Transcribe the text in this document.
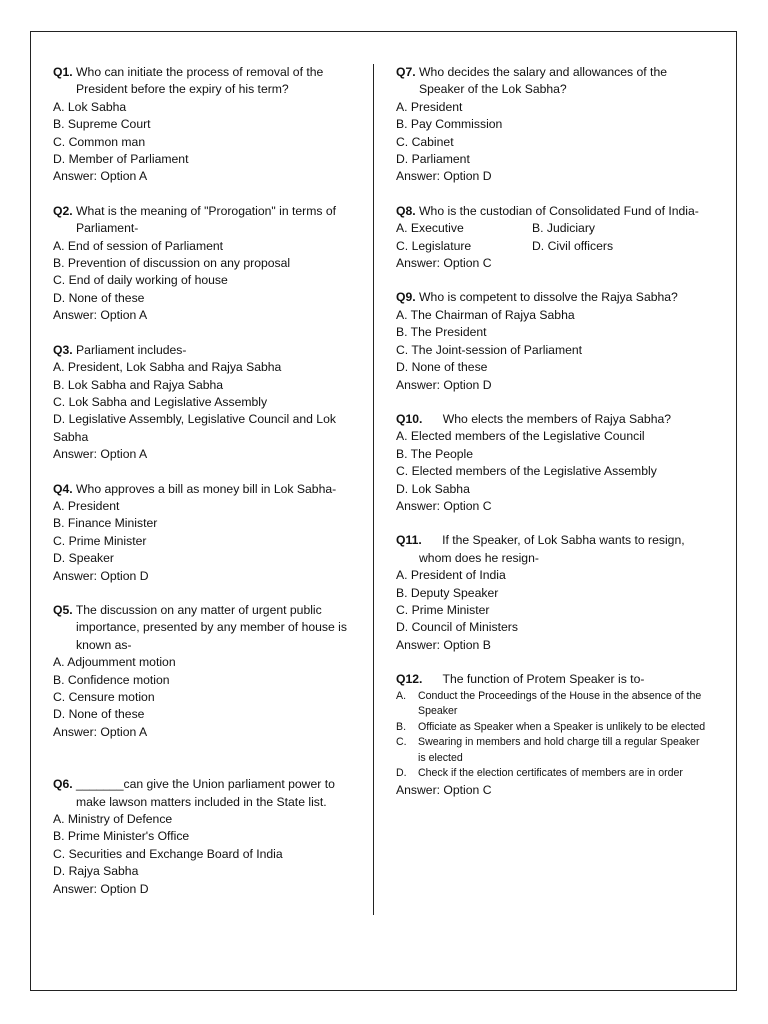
Q1. Who can initiate the process of removal of the President before the expiry of his term?
A. Lok Sabha
B. Supreme Court
C. Common man
D. Member of Parliament
Answer: Option A
Q2. What is the meaning of "Prorogation" in terms of Parliament-
A. End of session of Parliament
B. Prevention of discussion on any proposal
C. End of daily working of house
D. None of these
Answer: Option A
Q3. Parliament includes-
A. President, Lok Sabha and Rajya Sabha
B. Lok Sabha and Rajya Sabha
C. Lok Sabha and Legislative Assembly
D. Legislative Assembly, Legislative Council and Lok Sabha
Answer: Option A
Q4. Who approves a bill as money bill in Lok Sabha-
A. President
B. Finance Minister
C. Prime Minister
D. Speaker
Answer: Option D
Q5. The discussion on any matter of urgent public importance, presented by any member of house is known as-
A. Adjoumment motion
B. Confidence motion
C. Censure motion
D. None of these
Answer: Option A
Q6. _______can give the Union parliament power to make lawson matters included in the State list.
A. Ministry of Defence
B. Prime Minister's Office
C. Securities and Exchange Board of India
D. Rajya Sabha
Answer: Option D
Q7. Who decides the salary and allowances of the Speaker of the Lok Sabha?
A. President
B. Pay Commission
C. Cabinet
D. Parliament
Answer: Option D
Q8. Who is the custodian of Consolidated Fund of India-
A. Executive	B. Judiciary
C. Legislature	D. Civil officers
Answer: Option C
Q9. Who is competent to dissolve the Rajya Sabha?
A. The Chairman of Rajya Sabha
B. The President
C. The Joint-session of Parliament
D. None of these
Answer: Option D
Q10.      Who elects the members of Rajya Sabha?
A. Elected members of the Legislative Council
B. The People
C. Elected members of the Legislative Assembly
D. Lok Sabha
Answer: Option C
Q11.      If the Speaker, of Lok Sabha wants to resign, whom does he resign-
A. President of India
B. Deputy Speaker
C. Prime Minister
D. Council of Ministers
Answer: Option B
Q12.      The function of Protem Speaker is to-
A.	Conduct the Proceedings of the House in the absence of the Speaker
B.	Officiate as Speaker when a Speaker is unlikely to be elected
C.	Swearing in members and hold charge till a regular Speaker is elected
D.	Check if the election certificates of members are in order
Answer: Option C
